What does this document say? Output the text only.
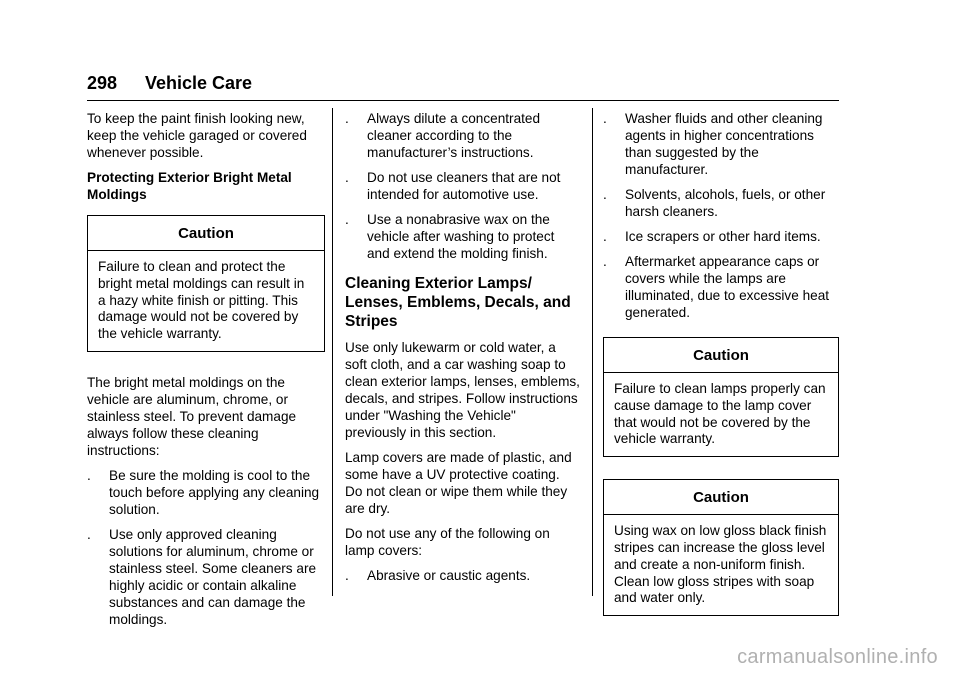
298 Vehicle Care

To keep the paint finish looking new, keep the vehicle garaged or covered whenever possible.

Protecting Exterior Bright Metal Moldings
Caution
Failure to clean and protect the bright metal moldings can result in a hazy white finish or pitting. This damage would not be covered by the vehicle warranty.

The bright metal moldings on the vehicle are aluminum, chrome, or stainless steel. To prevent damage always follow these cleaning instructions:

.	Be sure the molding is cool to the touch before applying any cleaning solution.
.	Use only approved cleaning solutions for aluminum, chrome or stainless steel. Some cleaners are highly acidic or contain alkaline substances and can damage the moldings.
.	Always dilute a concentrated cleaner according to the manufacturer’s instructions.
.	Do not use cleaners that are not intended for automotive use.
.	Use a nonabrasive wax on the vehicle after washing to protect and extend the molding finish.
Cleaning Exterior Lamps/ Lenses, Emblems, Decals, and Stripes

Use only lukewarm or cold water, a soft cloth, and a car washing soap to clean exterior lamps, lenses, emblems, decals, and stripes. Follow instructions under "Washing the Vehicle" previously in this section.

Lamp covers are made of plastic, and some have a UV protective coating. Do not clean or wipe them while they are dry.

Do not use any of the following on lamp covers:

.	Abrasive or caustic agents.
.	Washer fluids and other cleaning agents in higher concentrations than suggested by the manufacturer.
.	Solvents, alcohols, fuels, or other harsh cleaners.
.	Ice scrapers or other hard items.
.	Aftermarket appearance caps or covers while the lamps are illuminated, due to excessive heat generated.
Caution
Failure to clean lamps properly can cause damage to the lamp cover that would not be covered by the vehicle warranty.
Caution
Using wax on low gloss black finish stripes can increase the gloss level and create a non-uniform finish. Clean low gloss stripes with soap and water only.
carmanualsonline.info
